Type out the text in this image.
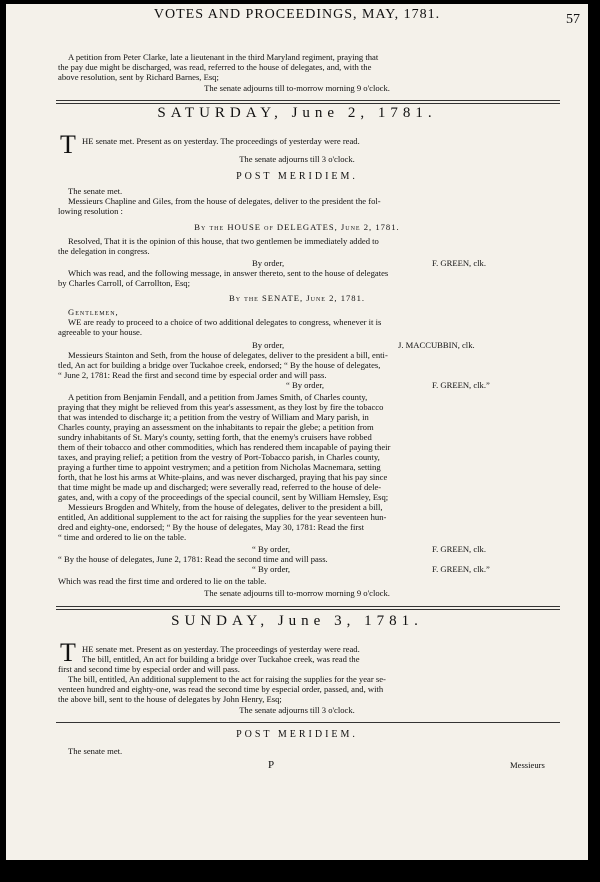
VOTES AND PROCEEDINGS, MAY, 1781.	57
A petition from Peter Clarke, late a lieutenant in the third Maryland regiment, praying that
the pay due might be discharged, was read, referred to the house of delegates, and, with the
above resolution, sent by Richard Barnes, Esq;
The senate adjourns till to-morrow morning 9 o'clock.
SATURDAY, June 2, 1781.
T HE senate met. Present as on yesterday. The proceedings of yesterday were read.
The senate adjourns till 3 o'clock.
POST MERIDIEM.
The senate met.
Messieurs Chapline and Giles, from the house of delegates, deliver to the president the fol-
lowing resolution :
By the HOUSE of DELEGATES, June 2, 1781.
Resolved, That it is the opinion of this house, that two gentlemen be immediately added to
the delegation in congress.
By order,	F. GREEN, clk.
Which was read, and the following message, in answer thereto, sent to the house of delegates
by Charles Carroll, of Carrollton, Esq;
By the SENATE, June 2, 1781.
Gentlemen,
WE are ready to proceed to a choice of two additional delegates to congress, whenever it is
agreeable to your house.
By order,	J. MACCUBBIN, clk.
Messieurs Stainton and Seth, from the house of delegates, deliver to the president a bill, enti-
tled, An act for building a bridge over Tuckahoe creek, endorsed; “ By the house of delegates,
“ June 2, 1781: Read the first and second time by especial order and will pass.
“ By order,	F. GREEN, clk.”
A petition from Benjamin Fendall, and a petition from James Smith, of Charles county,
praying that they might be relieved from this year's assessment, as they lost by fire the tobacco
that was intended to discharge it; a petition from the vestry of William and Mary parish, in
Charles county, praying an assessment on the inhabitants to repair the glebe; a petition from
sundry inhabitants of St. Mary's county, setting forth, that the enemy's cruisers have robbed
them of their tobacco and other commodities, which has rendered them incapable of paying their
taxes, and praying relief; a petition from the vestry of Port-Tobacco parish, in Charles county,
praying a further time to appoint vestrymen; and a petition from Nicholas Macnemara, setting
forth, that he lost his arms at White-plains, and was never discharged, praying that his pay since
that time might be made up and discharged; were severally read, referred to the house of dele-
gates, and, with a copy of the proceedings of the special council, sent by William Hemsley, Esq;
Messieurs Brogden and Whitely, from the house of delegates, deliver to the president a bill,
entitled, An additional supplement to the act for raising the supplies for the year seventeen hun-
dred and eighty-one, endorsed; “ By the house of delegates, May 30, 1781: Read the first
“ time and ordered to lie on the table.
“ By order,	F. GREEN, clk.
“ By the house of delegates, June 2, 1781: Read the second time and will pass.
“ By order,	F. GREEN, clk.”
Which was read the first time and ordered to lie on the table.
The senate adjourns till to-morrow morning 9 o'clock.
SUNDAY, June 3, 1781.
T HE senate met. Present as on yesterday. The proceedings of yesterday were read.
The bill, entitled, An act for building a bridge over Tuckahoe creek, was read the
first and second time by especial order and will pass.
The bill, entitled, An additional supplement to the act for raising the supplies for the year se-
venteen hundred and eighty-one, was read the second time by especial order, passed, and, with
the above bill, sent to the house of delegates by John Henry, Esq;
The senate adjourns till 3 o'clock.
POST MERIDIEM.
The senate met.
P	Messieurs
